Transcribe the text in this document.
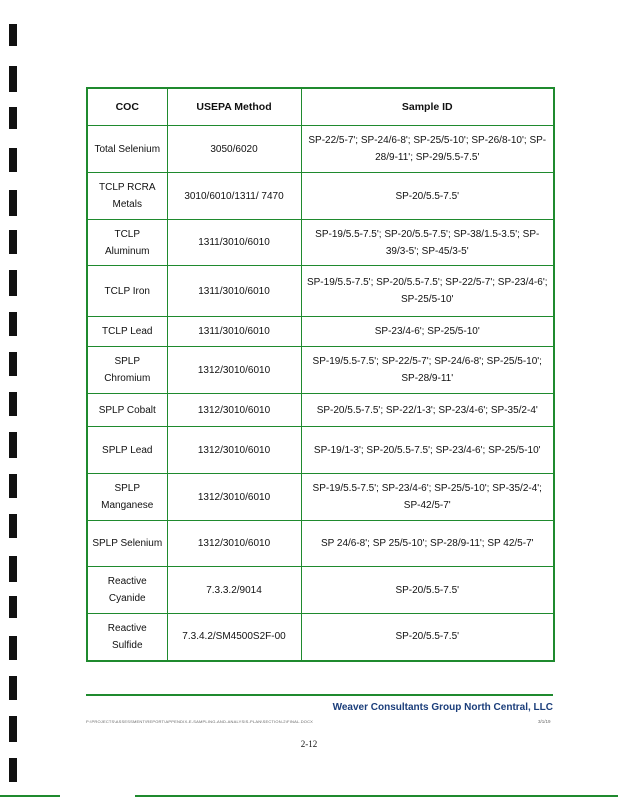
COC	USEPA Method	Sample ID
Total Selenium	3050/6020	SP-22/5-7'; SP-24/6-8'; SP-25/5-10'; SP-26/8-10'; SP-28/9-11'; SP-29/5.5-7.5'
TCLP RCRA Metals	3010/6010/1311/ 7470	SP-20/5.5-7.5'
TCLP Aluminum	1311/3010/6010	SP-19/5.5-7.5'; SP-20/5.5-7.5'; SP-38/1.5-3.5'; SP-39/3-5'; SP-45/3-5'
TCLP Iron	1311/3010/6010	SP-19/5.5-7.5'; SP-20/5.5-7.5'; SP-22/5-7'; SP-23/4-6'; SP-25/5-10'
TCLP Lead	1311/3010/6010	SP-23/4-6'; SP-25/5-10'
SPLP Chromium	1312/3010/6010	SP-19/5.5-7.5'; SP-22/5-7'; SP-24/6-8'; SP-25/5-10'; SP-28/9-11'
SPLP Cobalt	1312/3010/6010	SP-20/5.5-7.5'; SP-22/1-3'; SP-23/4-6'; SP-35/2-4'
SPLP Lead	1312/3010/6010	SP-19/1-3'; SP-20/5.5-7.5'; SP-23/4-6'; SP-25/5-10'
SPLP Manganese	1312/3010/6010	SP-19/5.5-7.5'; SP-23/4-6'; SP-25/5-10'; SP-35/2-4'; SP-42/5-7'
SPLP Selenium	1312/3010/6010	SP 24/6-8'; SP 25/5-10'; SP-28/9-11'; SP 42/5-7'
Reactive Cyanide	7.3.3.2/9014	SP-20/5.5-7.5'
Reactive Sulfide	7.3.4.2/SM4500S2F-00	SP-20/5.5-7.5'
Weaver Consultants Group North Central, LLC
P:\PROJECTS\ASSESSMENT\REPORT\APPENDIX-E-SAMPLING-AND-ANALYSIS-PLAN\SECTION-2\FINAL.DOCX	3/1/19
2-12
